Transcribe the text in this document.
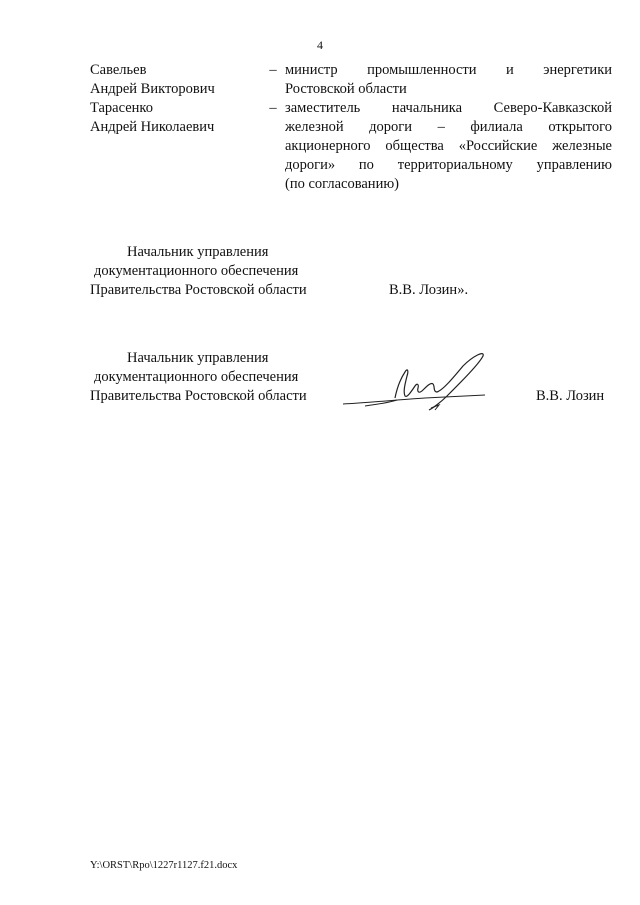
4
Савельев
Андрей Викторович
– министр промышленности и энергетики
Ростовской области
Тарасенко
Андрей Николаевич
– заместитель начальника Северо-Кавказской
железной дороги – филиала открытого
акционерного общества «Российские железные
дороги» по территориальному управлению
(по согласованию)
Начальник управления
документационного обеспечения
Правительства Ростовской области	В.В. Лозин».
Начальник управления
документационного обеспечения
Правительства Ростовской области	В.В. Лозин
Y:\ORST\Rpo\1227r1127.f21.docx
